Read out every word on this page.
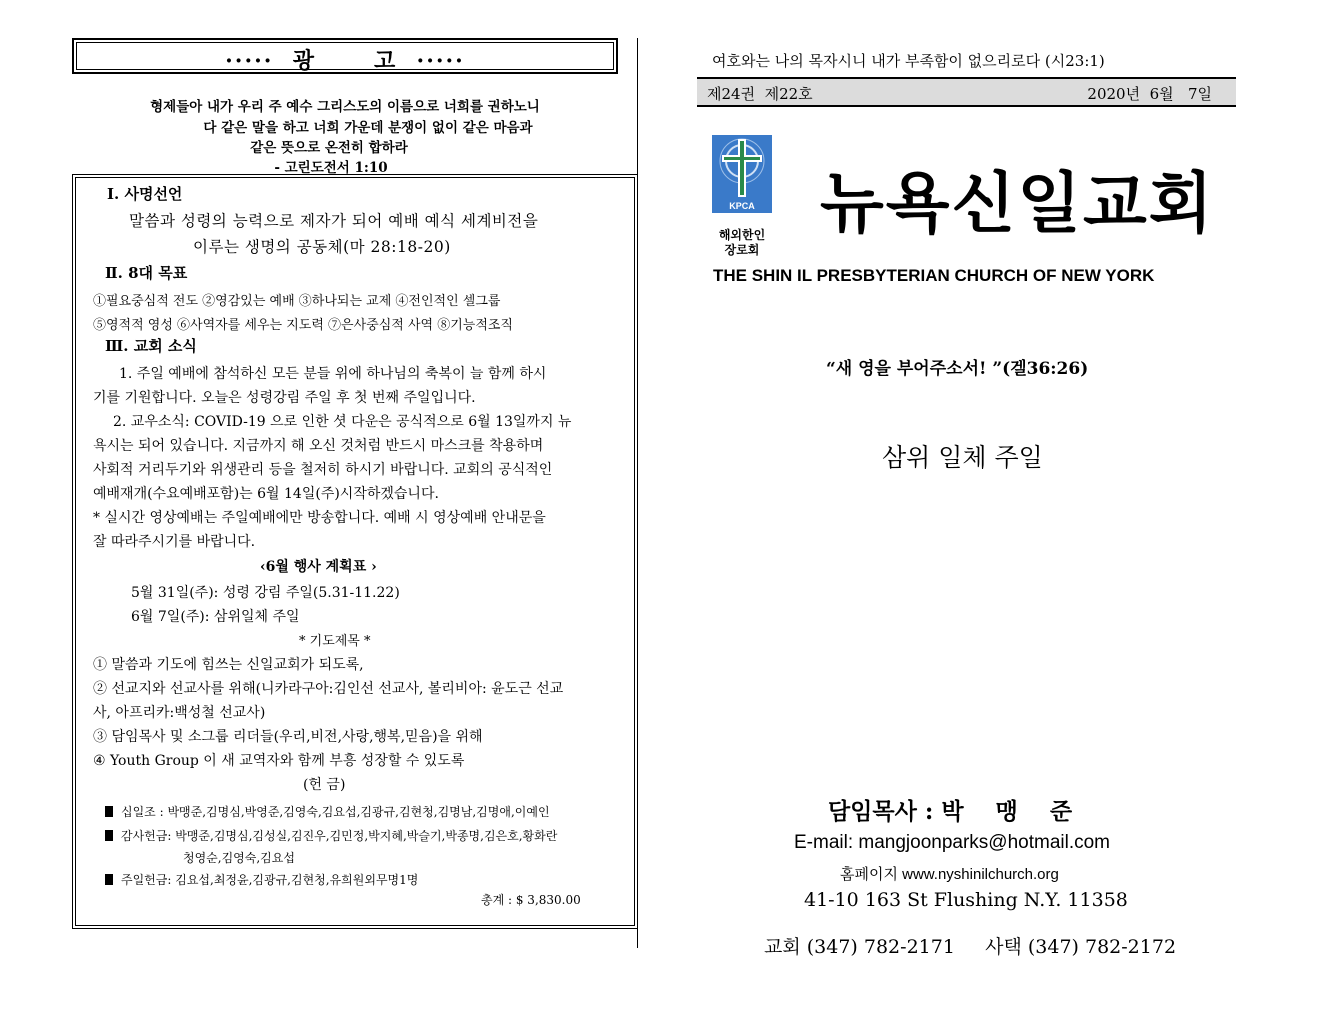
·····  광      고  ·····
형제들아 내가 우리 주 예수 그리스도의 이름으로 너희를 권하노니
다 같은 말을 하고 너희 가운데 분쟁이 없이 같은 마음과
같은 뜻으로 온전히 합하라
- 고린도전서 1:10
Ⅰ. 사명선언
말씀과 성령의 능력으로 제자가 되어 예배 예식 세계비전을
이루는 생명의 공동체(마 28:18-20)
Ⅱ. 8대 목표
①필요중심적 전도 ②영감있는 예배 ③하나되는 교제 ④전인적인 셀그룹
⑤영적적 영성 ⑥사역자를 세우는 지도력 ⑦은사중심적 사역 ⑧기능적조직
Ⅲ. 교회 소식
1. 주일 예배에 참석하신 모든 분들 위에 하나님의 축복이 늘 함께 하시
기를 기원합니다. 오늘은 성령강림 주일 후 첫 번째 주일입니다.
2. 교우소식: COVID-19 으로 인한 셧 다운은 공식적으로 6월 13일까지 뉴
욕시는 되어 있습니다. 지금까지 해 오신 것처럼 반드시 마스크를 착용하며
사회적 거리두기와 위생관리 등을 철저히 하시기 바랍니다. 교회의 공식적인
예배재개(수요예배포함)는 6월 14일(주)시작하겠습니다.
* 실시간 영상예배는 주일예배에만 방송합니다. 예배 시 영상예배 안내문을
잘 따라주시기를 바랍니다.
‹6월 행사 계획표 ›
5월 31일(주): 성령 강림 주일(5.31-11.22)
6월 7일(주): 삼위일체 주일
* 기도제목 *
① 말씀과 기도에 힘쓰는 신일교회가 되도록,
② 선교지와 선교사를 위해(니카라구아:김인선 선교사, 볼리비아: 윤도근 선교
사, 아프리카:백성철 선교사)
③ 담임목사 및 소그룹 리더들(우리,비전,사랑,행복,믿음)을 위해
④ Youth Group 이 새 교역자와 함께 부흥 성장할 수 있도록
(헌 금)
십일조 : 박맹준,김명심,박영준,김영숙,김요섭,김광규,김현청,김명남,김명애,이예인
감사헌금: 박맹준,김명심,김성실,김진우,김민정,박지혜,박슬기,박종명,김은호,황화란
청영순,김영숙,김요섭
주일헌금: 김요섭,최정윤,김광규,김현청,유희원외무명1명
총계 : $ 3,830.00
여호와는 나의 목자시니 내가 부족함이 없으리로다 (시23:1)
제24권  제22호	2020년  6월   7일
KPCA
해외한인
장로회
뉴욕신일교회
THE SHIN IL PRESBYTERIAN CHURCH OF NEW YORK
“새 영을 부어주소서! ”(겔36:26)
삼위 일체 주일
담임목사 : 박    맹    준
E-mail: mangjoonparks@hotmail.com
홈페이지 www.nyshinilchurch.org
41-10 163 St Flushing N.Y. 11358
교회 (347) 782-2171     사택 (347) 782-2172
